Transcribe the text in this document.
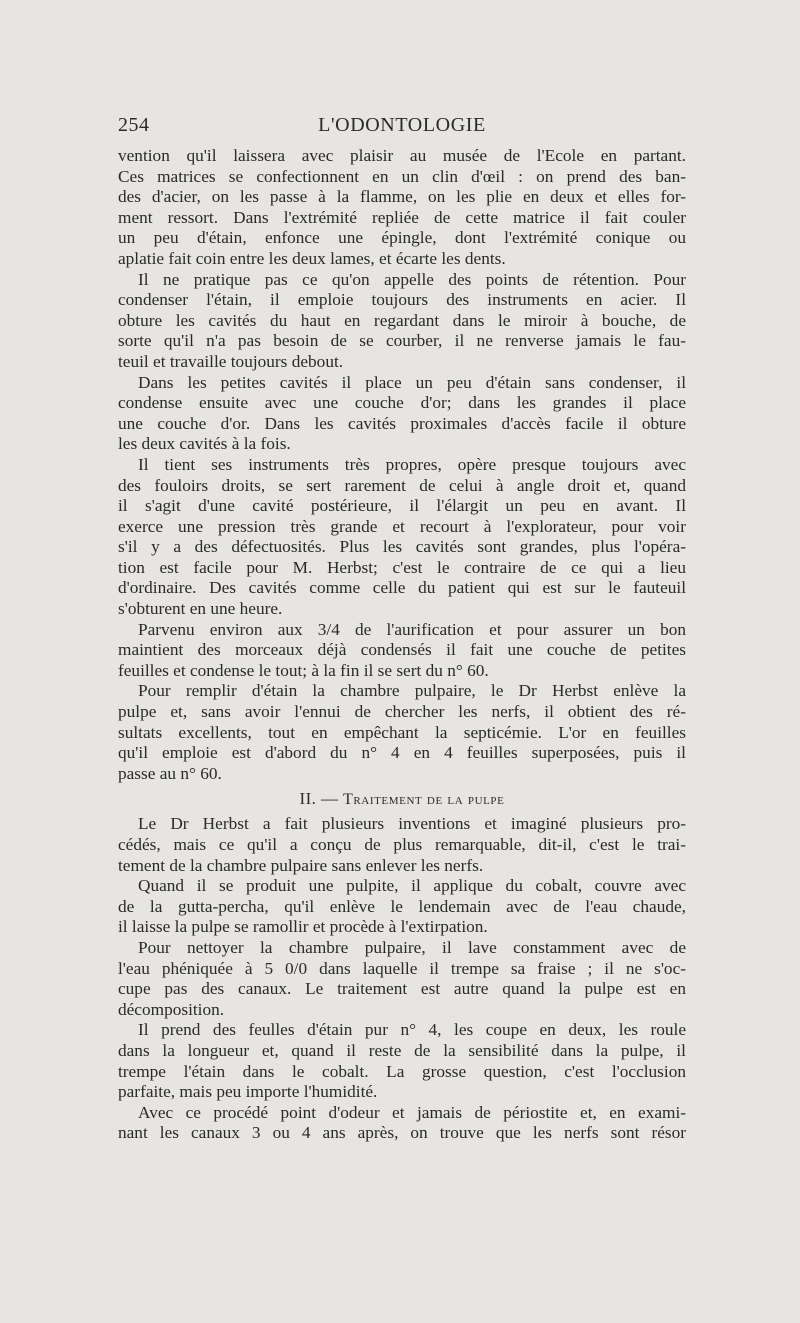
254	L'ODONTOLOGIE
vention qu'il laissera avec plaisir au musée de l'Ecole en partant.
Ces matrices se confectionnent en un clin d'œil : on prend des ban-
des d'acier, on les passe à la flamme, on les plie en deux et elles for-
ment ressort. Dans l'extrémité repliée de cette matrice il fait couler
un peu d'étain, enfonce une épingle, dont l'extrémité conique ou
aplatie fait coin entre les deux lames, et écarte les dents.
Il ne pratique pas ce qu'on appelle des points de rétention. Pour
condenser l'étain, il emploie toujours des instruments en acier. Il
obture les cavités du haut en regardant dans le miroir à bouche, de
sorte qu'il n'a pas besoin de se courber, il ne renverse jamais le fau-
teuil et travaille toujours debout.
Dans les petites cavités il place un peu d'étain sans condenser, il
condense ensuite avec une couche d'or; dans les grandes il place
une couche d'or. Dans les cavités proximales d'accès facile il obture
les deux cavités à la fois.
Il tient ses instruments très propres, opère presque toujours avec
des fouloirs droits, se sert rarement de celui à angle droit et, quand
il s'agit d'une cavité postérieure, il l'élargit un peu en avant. Il
exerce une pression très grande et recourt à l'explorateur, pour voir
s'il y a des défectuosités. Plus les cavités sont grandes, plus l'opéra-
tion est facile pour M. Herbst; c'est le contraire de ce qui a lieu
d'ordinaire. Des cavités comme celle du patient qui est sur le fauteuil
s'obturent en une heure.
Parvenu environ aux 3/4 de l'aurification et pour assurer un bon
maintient des morceaux déjà condensés il fait une couche de petites
feuilles et condense le tout; à la fin il se sert du n° 60.
Pour remplir d'étain la chambre pulpaire, le Dr Herbst enlève la
pulpe et, sans avoir l'ennui de chercher les nerfs, il obtient des ré-
sultats excellents, tout en empêchant la septicémie. L'or en feuilles
qu'il emploie est d'abord du n° 4 en 4 feuilles superposées, puis il
passe au n° 60.
II. — Traitement de la pulpe
Le Dr Herbst a fait plusieurs inventions et imaginé plusieurs pro-
cédés, mais ce qu'il a conçu de plus remarquable, dit-il, c'est le trai-
tement de la chambre pulpaire sans enlever les nerfs.
Quand il se produit une pulpite, il applique du cobalt, couvre avec
de la gutta-percha, qu'il enlève le lendemain avec de l'eau chaude,
il laisse la pulpe se ramollir et procède à l'extirpation.
Pour nettoyer la chambre pulpaire, il lave constamment avec de
l'eau phéniquée à 5 0/0 dans laquelle il trempe sa fraise ; il ne s'oc-
cupe pas des canaux. Le traitement est autre quand la pulpe est en
décomposition.
Il prend des feulles d'étain pur n° 4, les coupe en deux, les roule
dans la longueur et, quand il reste de la sensibilité dans la pulpe, il
trempe l'étain dans le cobalt. La grosse question, c'est l'occlusion
parfaite, mais peu importe l'humidité.
Avec ce procédé point d'odeur et jamais de périostite et, en exami-
nant les canaux 3 ou 4 ans après, on trouve que les nerfs sont résor
